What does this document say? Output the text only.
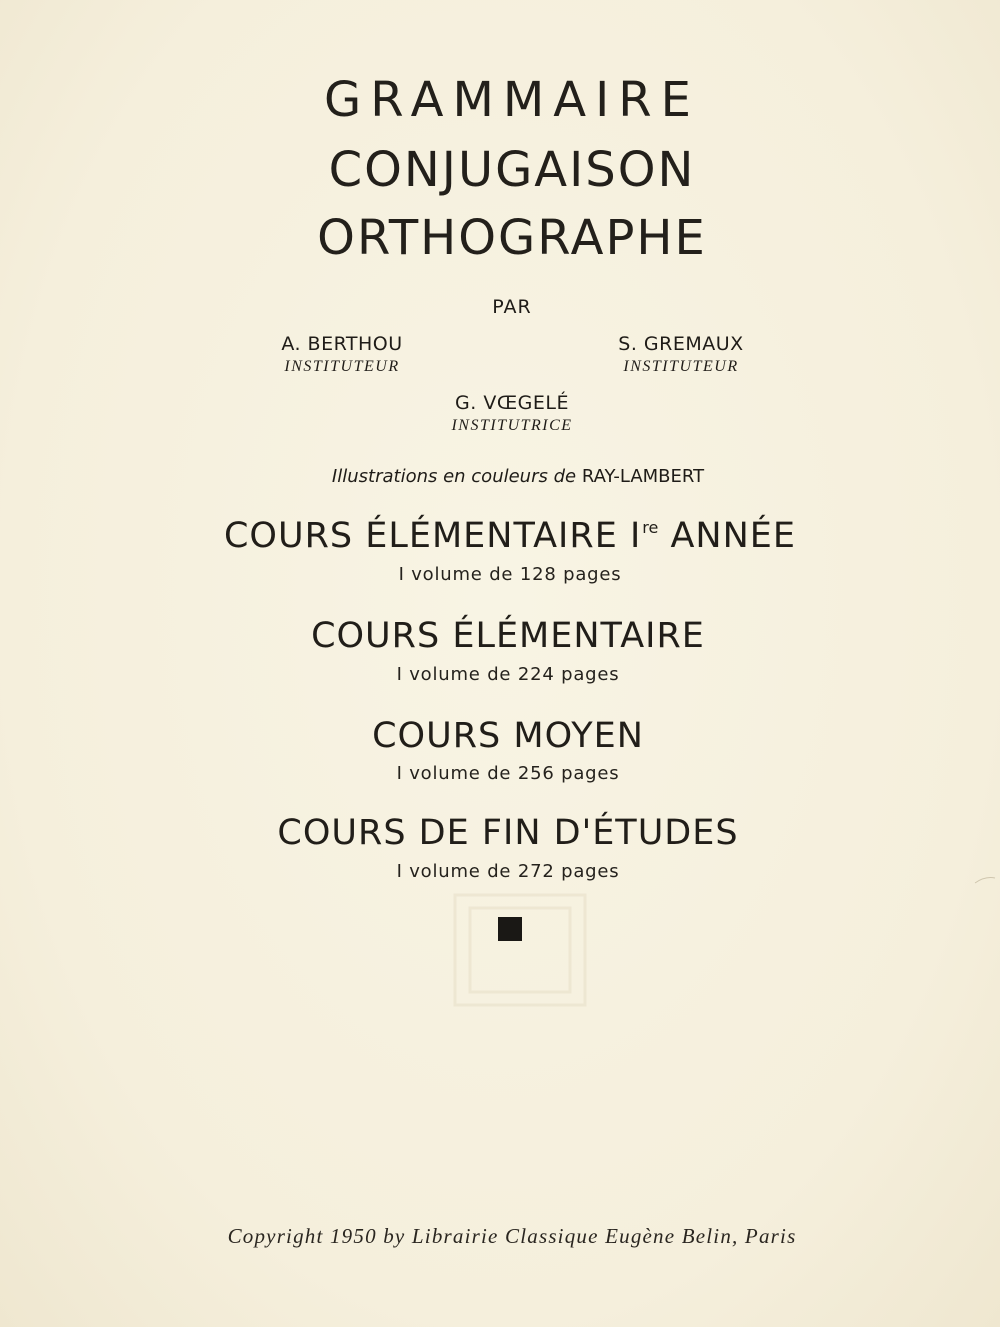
GRAMMAIRE
CONJUGAISON
ORTHOGRAPHE
PAR
A. BERTHOU
INSTITUTEUR
S. GREMAUX
INSTITUTEUR
G. VŒGELÉ
INSTITUTRICE
Illustrations en couleurs de RAY-LAMBERT
COURS ÉLÉMENTAIRE Ire ANNÉE
I volume de 128 pages
COURS ÉLÉMENTAIRE
I volume de 224 pages
COURS MOYEN
I volume de 256 pages
COURS DE FIN D'ÉTUDES
I volume de 272 pages
Copyright 1950 by Librairie Classique Eugène Belin, Paris
